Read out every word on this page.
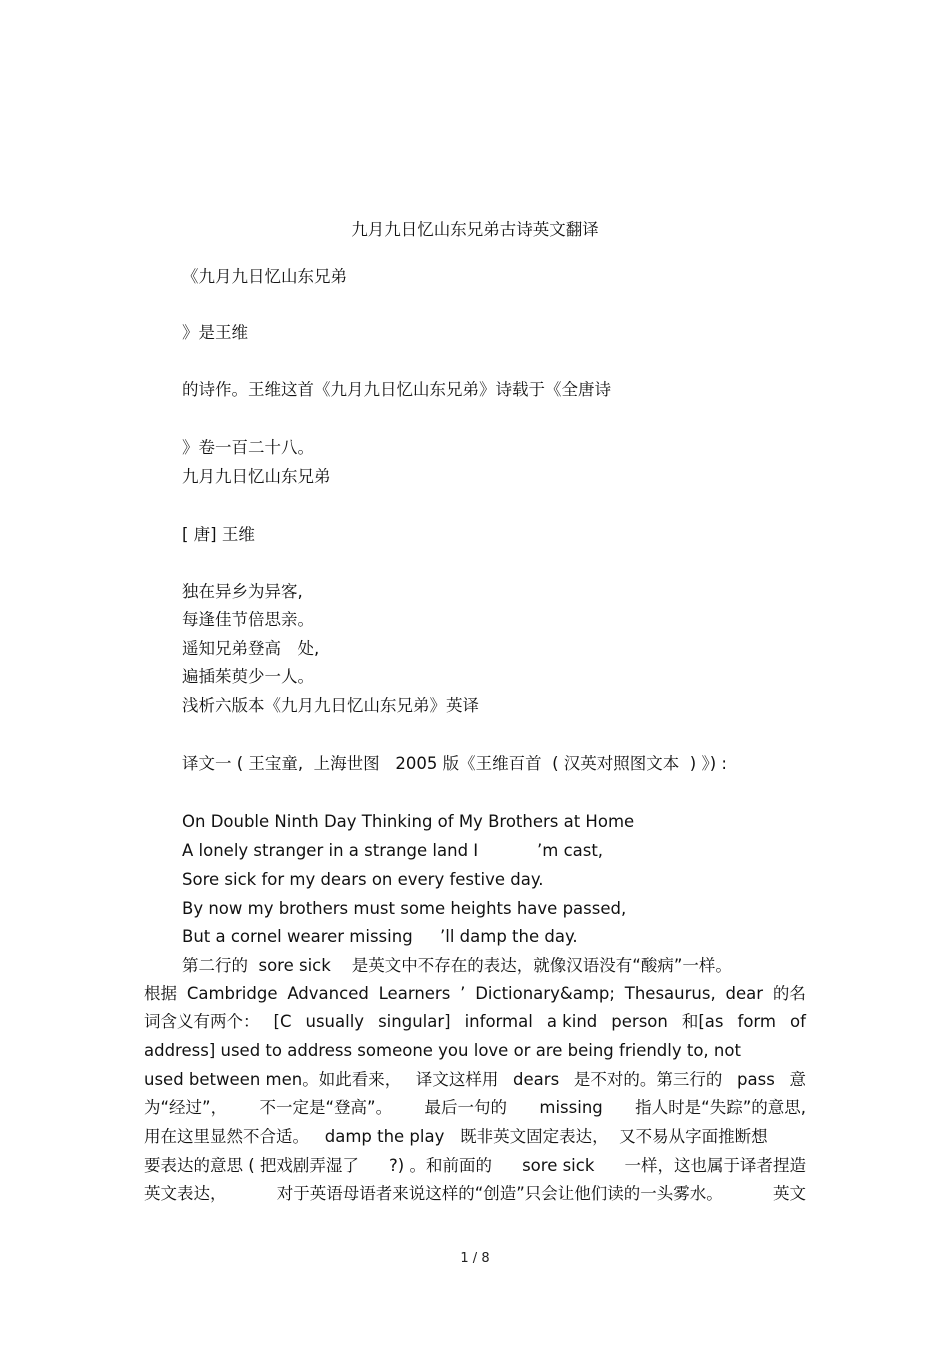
九月九日忆山东兄弟古诗英文翻译
《九月九日忆山东兄弟
》是王维
的诗作。王维这首《九月九日忆山东兄弟》诗载于《全唐诗
》卷一百二十八。
九月九日忆山东兄弟
[ 唐] 王维
独在异乡为异客,
每逢佳节倍思亲。
遥知兄弟登高　处,
遍插茱萸少一人。
浅析六版本《九月九日忆山东兄弟》英译
译文一 ( 王宝童,  上海世图   2005 版《王维百首  ( 汉英对照图文本  ) 》) :
On Double Ninth Day Thinking of My Brothers at Home
A lonely stranger in a strange land I	’m cast,
Sore sick for my dears on every festive day.
By now my brothers must some heights have passed,
But a cornel wearer missing ’ll damp the day.
第二行的  sore sick    是英文中不存在的表达，就像汉语没有“酸病”一样。
根据 Cambridge Advanced Learners ’ Dictionary&amp; Thesaurus, dear 的名
词含义有两个： [C usually singular] informal a kind person 和[as form of
address] used to address someone you love or are being friendly to, not
used between men。如此看来， 译文这样用 dears 是不对的。第三行的 pass 意
为“经过”， 不一定是“登高”。 最后一句的 missing 指人时是“失踪”的意思,
用在这里显然不合适。   damp the play   既非英文固定表达，  又不易从字面推断想
要表达的意思 ( 把戏剧弄湿了 ?) 。和前面的 sore sick 一样，这也属于译者捏造
英文表达，	对于英语母语者来说这样的“创造”只会让他们读的一头雾水。	英文
1 / 8
